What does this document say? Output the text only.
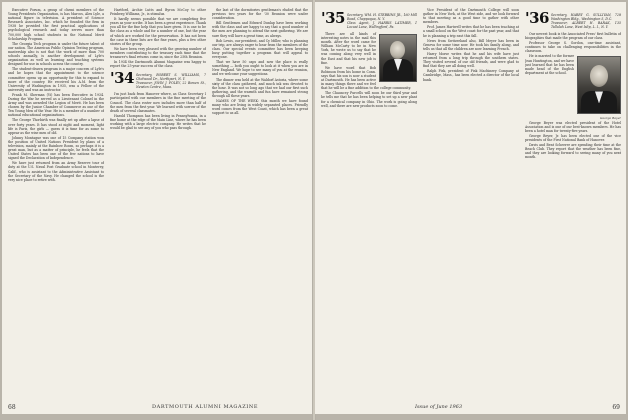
Executive Forum, a group of chemi members of the Young Presidents Organization, is has Marcos, Alex Lyle, a national figure in television. A president of Science Research Associates, Inc. which he founded the firm in 1938 he provided the first practical applications of psychological research and today serves more than 700,000 high school students in the National Merit Scholarship Program.

The Georgia Tech program is under the future talent of our nation. The American Public Opinion Testing program, mastership also is not that the work of more than 700 schools annually, is another development of Lyle's organization as well as learning and teaching systems designed for use in schools across the country.

The student-drawn program is a major concern of Lyle's and he hopes that the appointment to the science committee opens up an opportunity for this to expand to more of the country. He received his A.M. from the University of Washington in 1935, was a Fellow of the university and was an instructor.

Frank M. Sherman (Vi) has been Executive in 1934. During the War he served as a Lieutenant Colonel in the Army and was awarded the Legion of Merit. He has been chosen by the Junior Chamber of Commerce as one of the Ten Young Men of the Year. He is a member of a number of national educational organizations.

The George Thorbirth was finally set up after a lapse of over forty years. It has stood at night and moment, light life is Paris, the girls — guess it is time for as some to appear as the wise men of old.

Johnny Montague was one of 15 Company station won the position of United Nations President by plans of a television, mainly at the Rainbow Room, so perhaps it is a great man, but as a matter of principle, he feels that the United States has been one of the few nations to have signed the Declaration of Independence.

We have just returned from an Army Reserve tour of duty at the U.S. Naval Post Graduate school in Monterey, Calif., who is assistant to the Administrative Assistant to the Secretary of the Navy. He changed the school is the very nice place to retire with.

Hartford, Archie Lutts and Byron McCoy to other Feinberg Williams, Jr., is stimulus.

It hardly seems possible that we are completing five years as your scribe. It has been a great experience. Thank you all for the fine help that you have given. It is one to be the class as a whole and for a number of one, but the year of which are worked for the preservation. It has not been the case in these lists are the fine years, plus a few other stories of the group.

We have been very pleased with the growing number of members contributing to the treasury each time that the treasurer's final returns come in, since the 25th Reunion.

In 1934 the Dartmouth Alumni Magazine was happy to report the 25-year success of the class.

'34 Secretary, ROBERT S. WILLIAMS, 7 Chelwood Dr., Northport, N. Y.
Treasurer, JOHN J. FOLEY, 22 Bowen St., Newton Centre, Mass.

I'm just back from Hanover where, as Class Secretary I participated with our members in the fine meeting of the Council. The class roster now includes more than half of the men from the first year. We learned with sorrow of the death of several classmates.

Harold Thompson has been living in Pennsylvania, in a fine home at the edge of the Main Line, where he has been working with a large electric company. He writes that he would be glad to see any of you who pass through.

the last of the dormitories gentleman's eluded that the previous two years for the '30 Reunion were under consideration.

Bill Gentlemen and Edward Dunlap have been working with the class and are happy to say that a good number of the men are planning to attend the next gathering. We are sure they will have a great time, as always.

Bob Lewis, our president, and Cy Miller, who is planning our trip, are always eager to hear from the members of the class. Our special events committee has been keeping busy putting together a program that will appeal to everyone.

That we have 50 caps and now the place is really something — both you ought to look at it when you are in New England. We hope to see many of you at the reunion, and we welcome your suggestions.

The dinner was held at the Waldorf Astoria, where some sixty of the class gathered, and much ink was devoted to the hour. It was not so long ago that we had our first such gathering, and the warmth and fun have remained strong through all these years.

NAMES OF THE WEEK: this month we have found many who are living in widely separated places. Friendly word comes from the West Coast, which has been a great support to us all.

68	DARTMOUTH ALUMNI MAGAZINE
'35 Secretary, WM. H. STEBBINS JR., 160 Mill Road, Chappaqua, N. Y.
Class Agent, J. HARRIS LATIMER, 1 Locust Lane, Wallingford, Pa.

There are all kinds of interesting notes in the mail this month. After the word came for William McCarty to be in New York, he wrote us to say that he was coming along very well in the East and that his new job is fine.

We have word that Bob Robinson from his home in Conn. says that his son is now a student at Dartmouth. He has been active in many things there and we feel that he will be a fine addition to the college community.

The Chauncey Purcells will soon be our third year and he tells me that he has been helping to set up a new plant for a chemical company in Ohio. The work is going along well, and there are new products soon to come.

Vice President of the Dartmouth College will soon gather in New York, at the West side, and we look forward to that meeting as a good time to gather with other members.

Prof. James Hartwell writes that he has been teaching at a small school on the West coast for the past year, and that he is planning a trip east this fall.

News from Switzerland also, Bill Meyer has been in Geneva for some time now. He took his family along, and tells us that all the children are now learning French.

Harry Morse writes that he and his wife have just returned from a long trip through the southern states. They visited several of our old friends, and were glad to find that they are all doing well.

Ralph Fisk, president of Fisk Machinery Company at Cambridge, Mass., has been elected a director of the local bank.

'36 Secretary, HARRY G. SULLIVAN, 728 Washington Bldg., Washington 5, D.C.
Treasurer, ALBERT H. BARAK, 135 Tallulah Lane, West Islip, L. I., N. Y.

Our newest book is the Associated Press' first bulletin of biographies that made the program of our class.

Professor George S. Gordon, one-time assistant, continues to take on challenging responsibilities in the classroom.

He is married to the former Jean Huntington, and we have just learned that he has been made head of the English department at the school.

George Beyer

George Beyer was elected president of the Hotel Association and is one of our best-known members. He has been a hotel man for twenty-five years.

George Beyer, Jr. has been elected one of the vice presidents of the First National Bank of Hanover.

Davis and Bent Scheerer are spending their time at the Beach Club. They report that the weather has been fine, and they are looking forward to seeing many of you next month.

Issue of June 1963	69
